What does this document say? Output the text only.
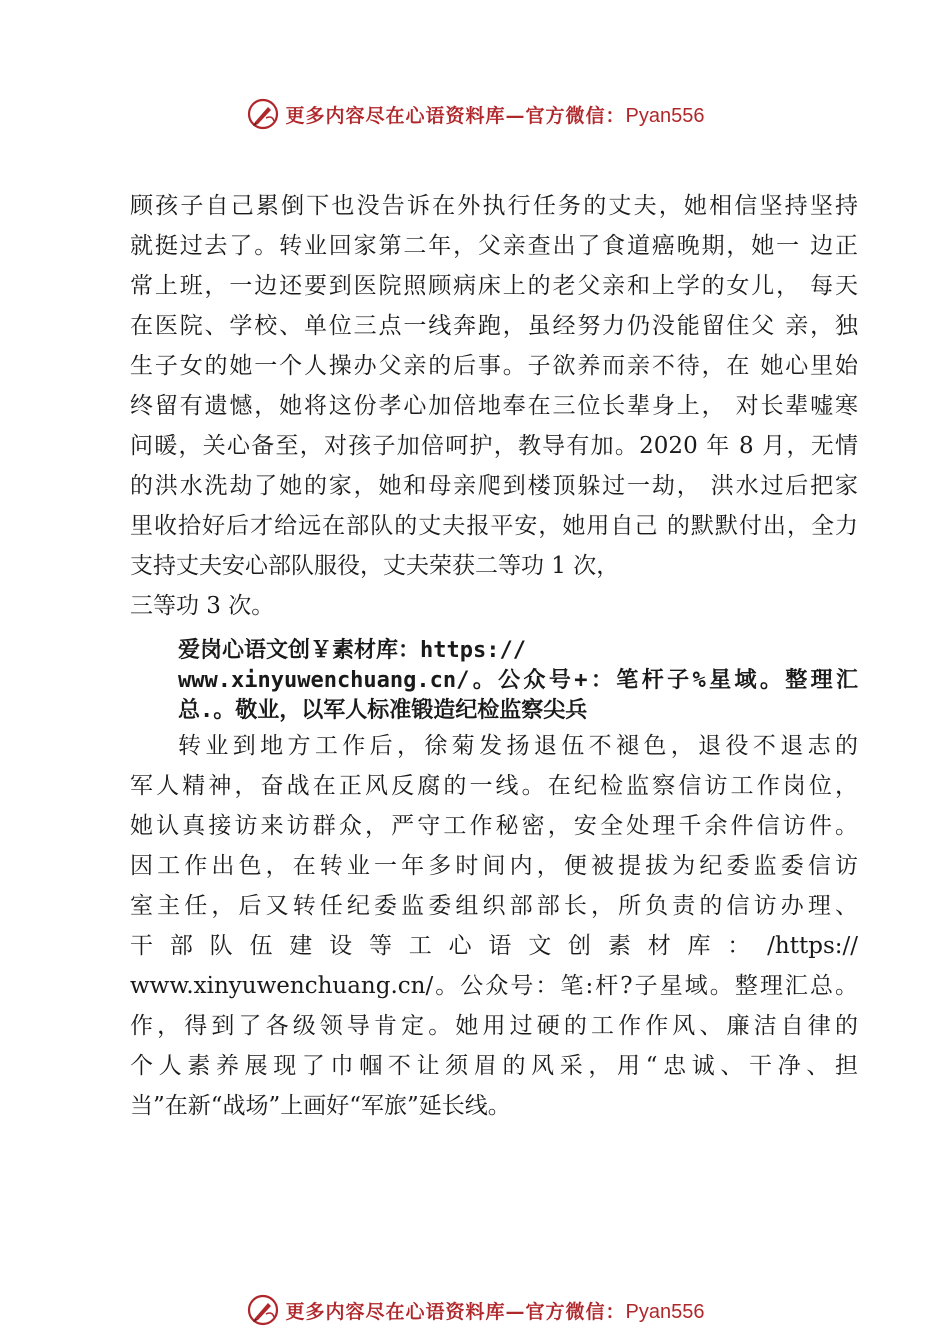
更多内容尽在心语资料库—官方微信：Pyan556
顾孩子自己累倒下也没告诉在外执行任务的丈夫，她相信坚持坚持
就挺过去了。转业回家第二年，父亲查出了食道癌晚期，她一 边正
常上班，一边还要到医院照顾病床上的老父亲和上学的女儿， 每天
在医院、学校、单位三点一线奔跑，虽经努力仍没能留住父 亲，独
生子女的她一个人操办父亲的后事。子欲养而亲不待，在 她心里始
终留有遗憾，她将这份孝心加倍地奉在三位长辈身上， 对长辈嘘寒
问暖，关心备至，对孩子加倍呵护，教导有加。2020 年 8 月，无情
的洪水洗劫了她的家，她和母亲爬到楼顶躲过一劫， 洪水过后把家
里收拾好后才给远在部队的丈夫报平安，她用自己 的默默付出，全力
支持丈夫安心部队服役，丈夫荣获二等功 1 次，
三等功 3 次。
爱岗心语文创￥素材库：https://
www.xinyuwenchuang.cn/。公众号+：笔杆子%星域。整理汇
总.。敬业，以军人标准锻造纪检监察尖兵
转业到地方工作后，徐菊发扬退伍不褪色，退役不退志的
军人精神，奋战在正风反腐的一线。在纪检监察信访工作岗位，
她认真接访来访群众，严守工作秘密，安全处理千余件信访件。
因工作出色，在转业一年多时间内，便被提拔为纪委监委信访
室主任，后又转任纪委监委组织部部长，所负责的信访办理、
干部队伍建设等工心语文创素材库：/https://
www.xinyuwenchuang.cn/。公众号：笔:杆?子星域。整理汇总。
作，得到了各级领导肯定。她用过硬的工作作风、廉洁自律的
个人素养展现了巾帼不让须眉的风采，用“忠诚、干净、担
当”在新“战场”上画好“军旅”延长线。
更多内容尽在心语资料库—官方微信：Pyan556
